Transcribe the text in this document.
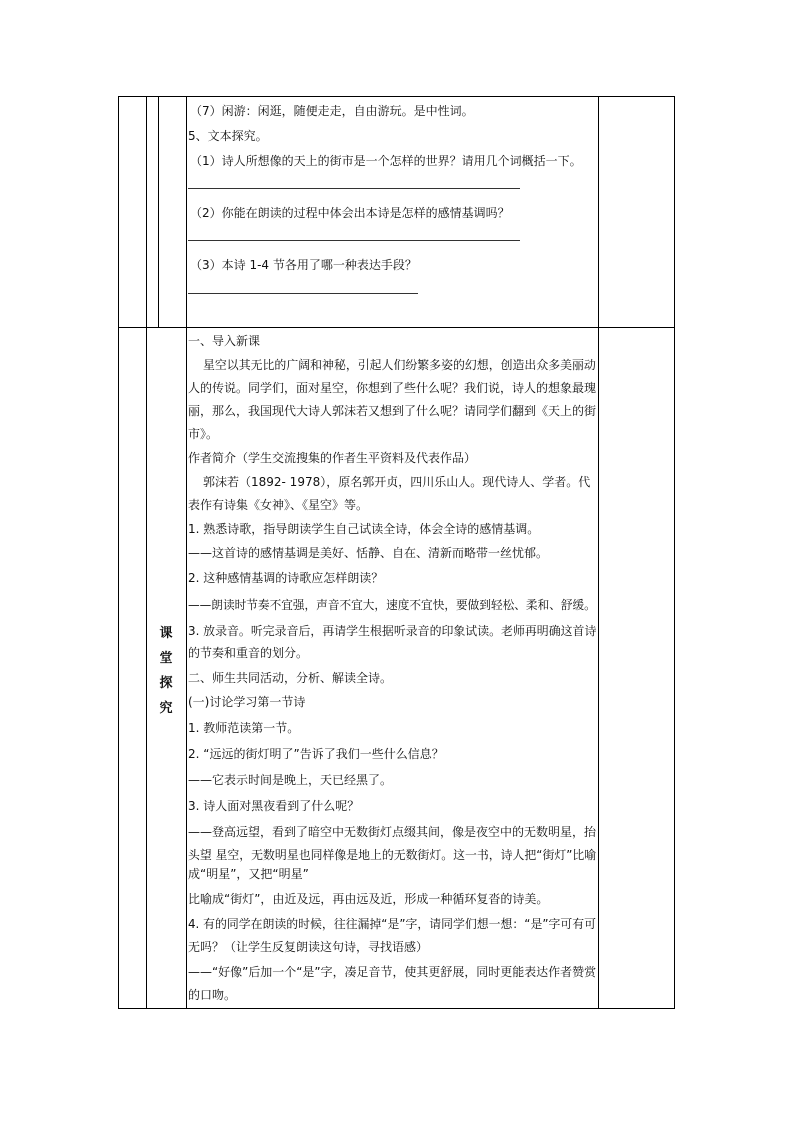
（7）闲游：闲逛，随便走走，自由游玩。是中性词。
5、文本探究。
（1）诗人所想像的天上的街市是一个怎样的世界？请用几个词概括一下。
（2）你能在朗读的过程中体会出本诗是怎样的感情基调吗？
（3）本诗 1-4 节各用了哪一种表达手段？
课
堂
探
究
一、导入新课
星空以其无比的广阔和神秘，引起人们纷繁多姿的幻想，创造出众多美丽动
人的传说。同学们，面对星空，你想到了些什么呢？我们说，诗人的想象最瑰
丽，那么，我国现代大诗人郭沫若又想到了什么呢？请同学们翻到《天上的街
市》。
作者简介（学生交流搜集的作者生平资料及代表作品）
郭沫若（1892- 1978），原名郭开贞，四川乐山人。现代诗人、学者。代
表作有诗集《女神》、《星空》等。
1. 熟悉诗歌，指导朗读学生自己试读全诗，体会全诗的感情基调。
——这首诗的感情基调是美好、恬静、自在、清新而略带一丝忧郁。
2. 这种感情基调的诗歌应怎样朗读？
——朗读时节奏不宜强，声音不宜大，速度不宜快，要做到轻松、柔和、舒缓。
3. 放录音。听完录音后，再请学生根据听录音的印象试读。老师再明确这首诗
的节奏和重音的划分。
二、师生共同活动，分析、解读全诗。
(一)讨论学习第一节诗
1. 教师范读第一节。
2. “远远的街灯明了”告诉了我们一些什么信息？
——它表示时间是晚上，天已经黑了。
3. 诗人面对黑夜看到了什么呢？
——登高远望，看到了暗空中无数街灯点缀其间，像是夜空中的无数明星，抬
头望 星空，无数明星也同样像是地上的无数街灯。这一书，诗人把“街灯”比喻
成“明星”，又把“明星”
比喻成“街灯”，由近及远，再由远及近，形成一种循环复沓的诗美。
4. 有的同学在朗读的时候，往往漏掉“是”字，请同学们想一想：“是”字可有可
无吗？（让学生反复朗读这句诗，寻找语感）
——“好像”后加一个“是”字，凑足音节，使其更舒展，同时更能表达作者赞赏
的口吻。
